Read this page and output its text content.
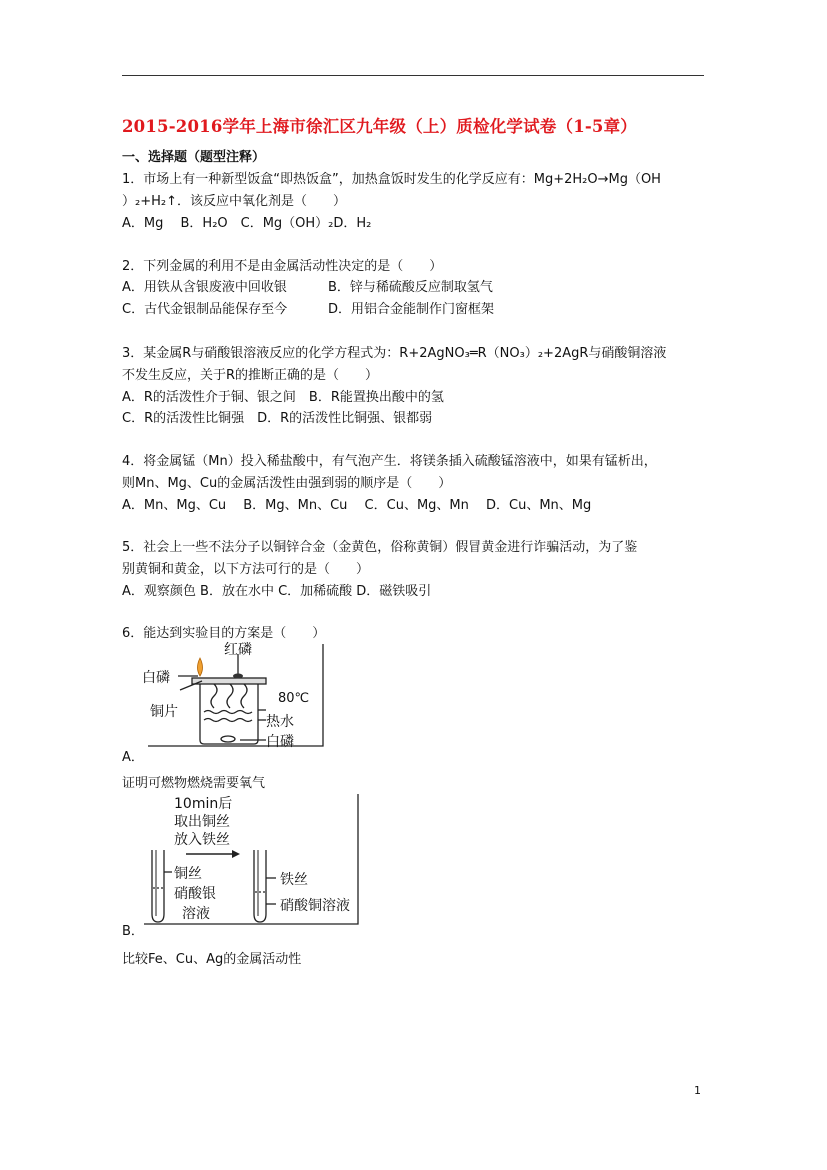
2015-2016学年上海市徐汇区九年级（上）质检化学试卷（1-5章）
一、选择题（题型注释）
1．市场上有一种新型饭盒“即热饭盒”，加热盒饭时发生的化学反应有：Mg+2H₂O→Mg（OH
）₂+H₂↑．该反应中氧化剂是（　　）
A．Mg　 B．H₂O　C．Mg（OH）₂D．H₂
2．下列金属的利用不是由金属活动性决定的是（　　）
A．用铁从含银废液中回收银	B．锌与稀硫酸反应制取氢气
C．古代金银制品能保存至今	D．用铝合金能制作门窗框架
3．某金属R与硝酸银溶液反应的化学方程式为：R+2AgNO₃═R（NO₃）₂+2AgR与硝酸铜溶液
不发生反应，关于R的推断正确的是（　　）
A．R的活泼性介于铜、银之间　B．R能置换出酸中的氢
C．R的活泼性比铜强　D．R的活泼性比铜强、银都弱
4．将金属锰（Mn）投入稀盐酸中，有气泡产生．将镁条插入硫酸锰溶液中，如果有锰析出，
则Mn、Mg、Cu的金属活泼性由强到弱的顺序是（　　）
A．Mn、Mg、Cu　 B．Mg、Mn、Cu　 C．Cu、Mg、Mn　 D．Cu、Mn、Mg
5．社会上一些不法分子以铜锌合金（金黄色，俗称黄铜）假冒黄金进行诈骗活动，为了鉴
别黄铜和黄金，以下方法可行的是（　　）
A．观察颜色 B．放在水中 C．加稀硫酸 D．磁铁吸引
6．能达到实验目的方案是（　　）
白磷
红磷
铜片
80℃
热水
白磷
A．
证明可燃物燃烧需要氧气
10min后
取出铜丝
放入铁丝
铜丝
硝酸银
溶液
铁丝
硝酸铜溶液
B．
比较Fe、Cu、Ag的金属活动性
1
